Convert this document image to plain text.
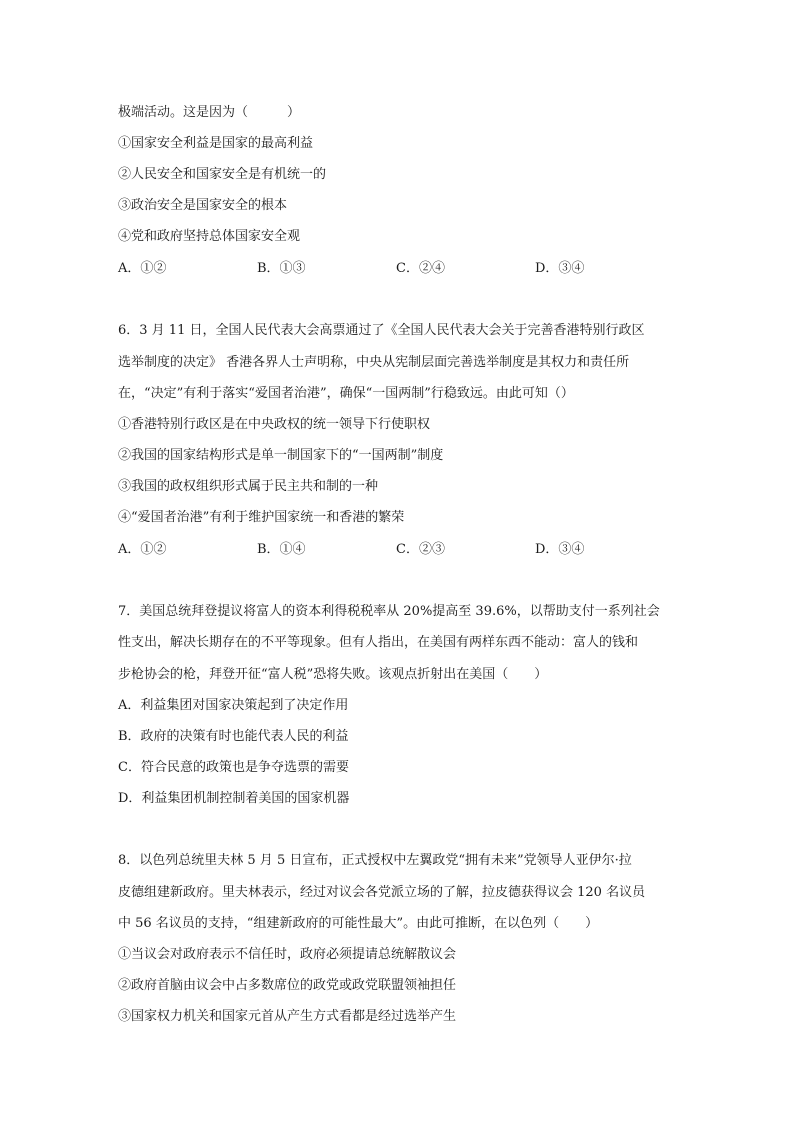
极端活动。这是因为（　　　）
①国家安全利益是国家的最高利益
②人民安全和国家安全是有机统一的
③政治安全是国家安全的根本
④党和政府坚持总体国家安全观
A．①②	B．①③	C．②④	D．③④
6．3 月 11 日，全国人民代表大会高票通过了《全国人民代表大会关于完善香港特别行政区
选举制度的决定》 香港各界人士声明称，中央从宪制层面完善选举制度是其权力和责任所
在，“决定”有利于落实“爱国者治港”，确保“一国两制”行稳致远。由此可知（）
①香港特别行政区是在中央政权的统一领导下行使职权
②我国的国家结构形式是单一制国家下的“一国两制”制度
③我国的政权组织形式属于民主共和制的一种
④“爱国者治港”有利于维护国家统一和香港的繁荣
A．①②	B．①④	C．②③	D．③④
7．美国总统拜登提议将富人的资本利得税税率从 20%提高至 39.6%，以帮助支付一系列社会
性支出，解决长期存在的不平等现象。但有人指出，在美国有两样东西不能动：富人的钱和
步枪协会的枪，拜登开征“富人税”恐将失败。该观点折射出在美国（　　）
A．利益集团对国家决策起到了决定作用
B．政府的决策有时也能代表人民的利益
C．符合民意的政策也是争夺选票的需要
D．利益集团机制控制着美国的国家机器
8．以色列总统里夫林 5 月 5 日宣布，正式授权中左翼政党“拥有未来”党领导人亚伊尔·拉
皮德组建新政府。里夫林表示，经过对议会各党派立场的了解，拉皮德获得议会 120 名议员
中 56 名议员的支持，“组建新政府的可能性最大”。由此可推断，在以色列（　　）
①当议会对政府表示不信任时，政府必须提请总统解散议会
②政府首脑由议会中占多数席位的政党或政党联盟领袖担任
③国家权力机关和国家元首从产生方式看都是经过选举产生
